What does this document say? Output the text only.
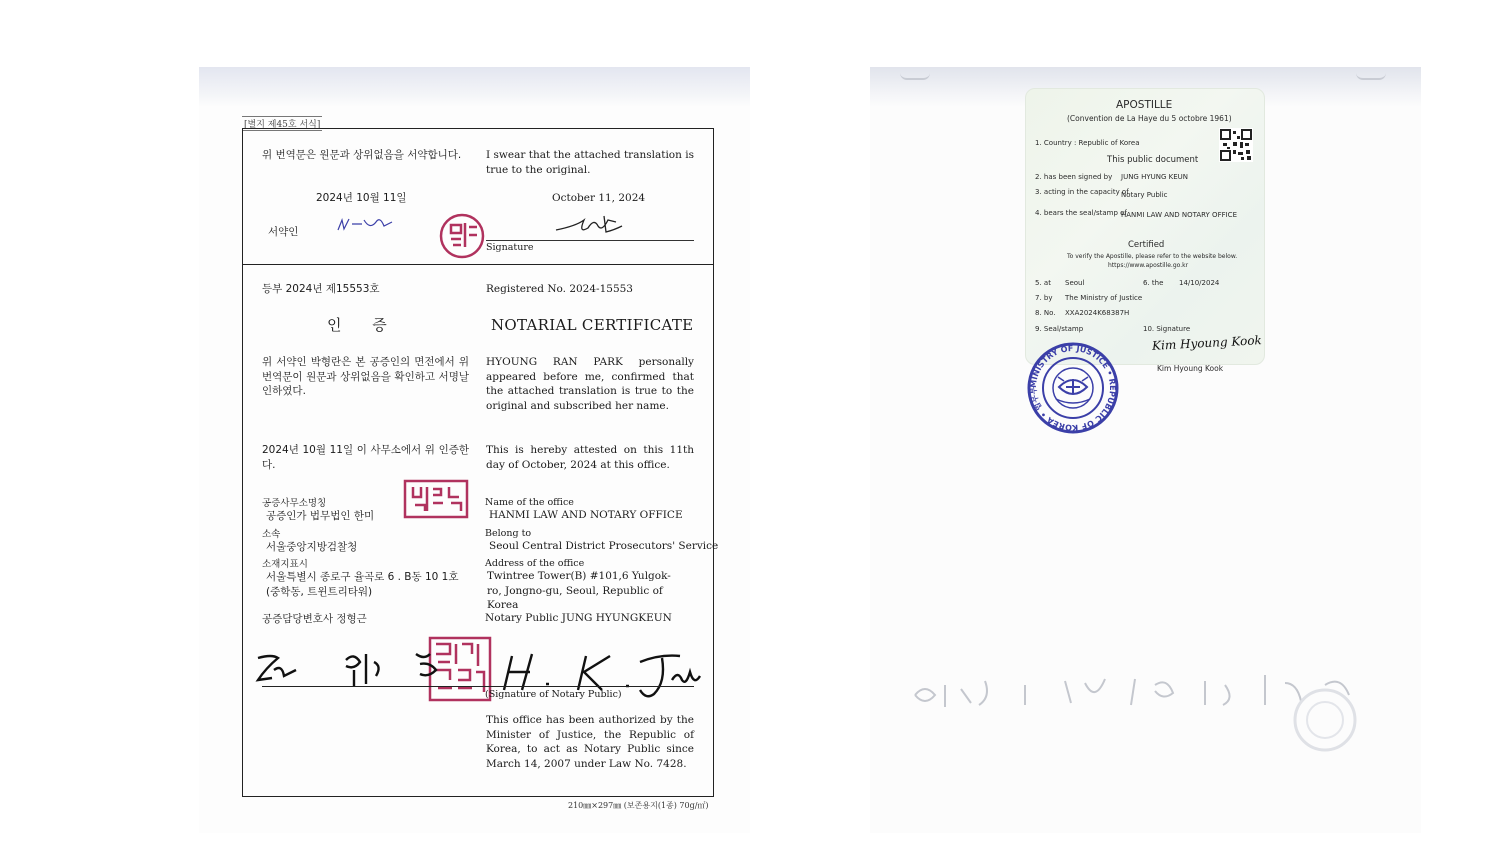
[별지 제45호 서식]
위 번역문은 원문과 상위없음을 서약합니다.	I swear that the attached translation is true to the original.
2024년 10월 11일	October 11, 2024
서약인
Signature
등부 2024년 제15553호	Registered No. 2024-15553
인      증	NOTARIAL CERTIFICATE
위 서약인 박형란은 본 공증인의 면전에서 위 번역문이 원문과 상위없음을 확인하고 서명날인하였다.
HYOUNG RAN PARK personally appeared before me, confirmed that the attached translation is true to the original and subscribed her name.
2024년 10월 11일 이 사무소에서 위 인증한다.
This is hereby attested on this 11th day of October, 2024 at this office.
공증사무소명칭
공증인가 법무법인 한미
Name of the office
HANMI LAW AND NOTARY OFFICE
소속
서울중앙지방검찰청
Belong to
Seoul Central District Prosecutors' Service
소재지표시
서울특별시 종로구 율곡로 6 . B동 10 1호 (중학동, 트윈트리타워)
Address of the office
Twintree Tower(B) #101,6 Yulgok-ro, Jongno-gu, Seoul, Republic of Korea
공증담당변호사 정형근	Notary Public JUNG HYUNGKEUN
(Signature of Notary Public)
This office has been authorized by the Minister of Justice, the Republic of Korea, to act as Notary Public since March 14, 2007 under Law No. 7428.
210㎜×297㎜ (보존용지(1종) 70g/㎡)
APOSTILLE
(Convention de La Haye du 5 octobre 1961)
1. Country : Republic of Korea
This public document
2. has been signed by JUNG HYUNG KEUN
3. acting in the capacity of
Notary Public
4. bears the seal/stamp of
HANMI LAW AND NOTARY OFFICE
Certified
To verify the Apostille, please refer to the website below.
https://www.apostille.go.kr
5. at Seoul	6. the 14/10/2024
7. by The Ministry of Justice
8. No. XXA2024K68387H
9. Seal/stamp	10. Signature
Kim Hyoung Kook
Kim Hyoung Kook
MINISTRY OF JUSTICE • REPUBLIC OF KOREA • 법무부
